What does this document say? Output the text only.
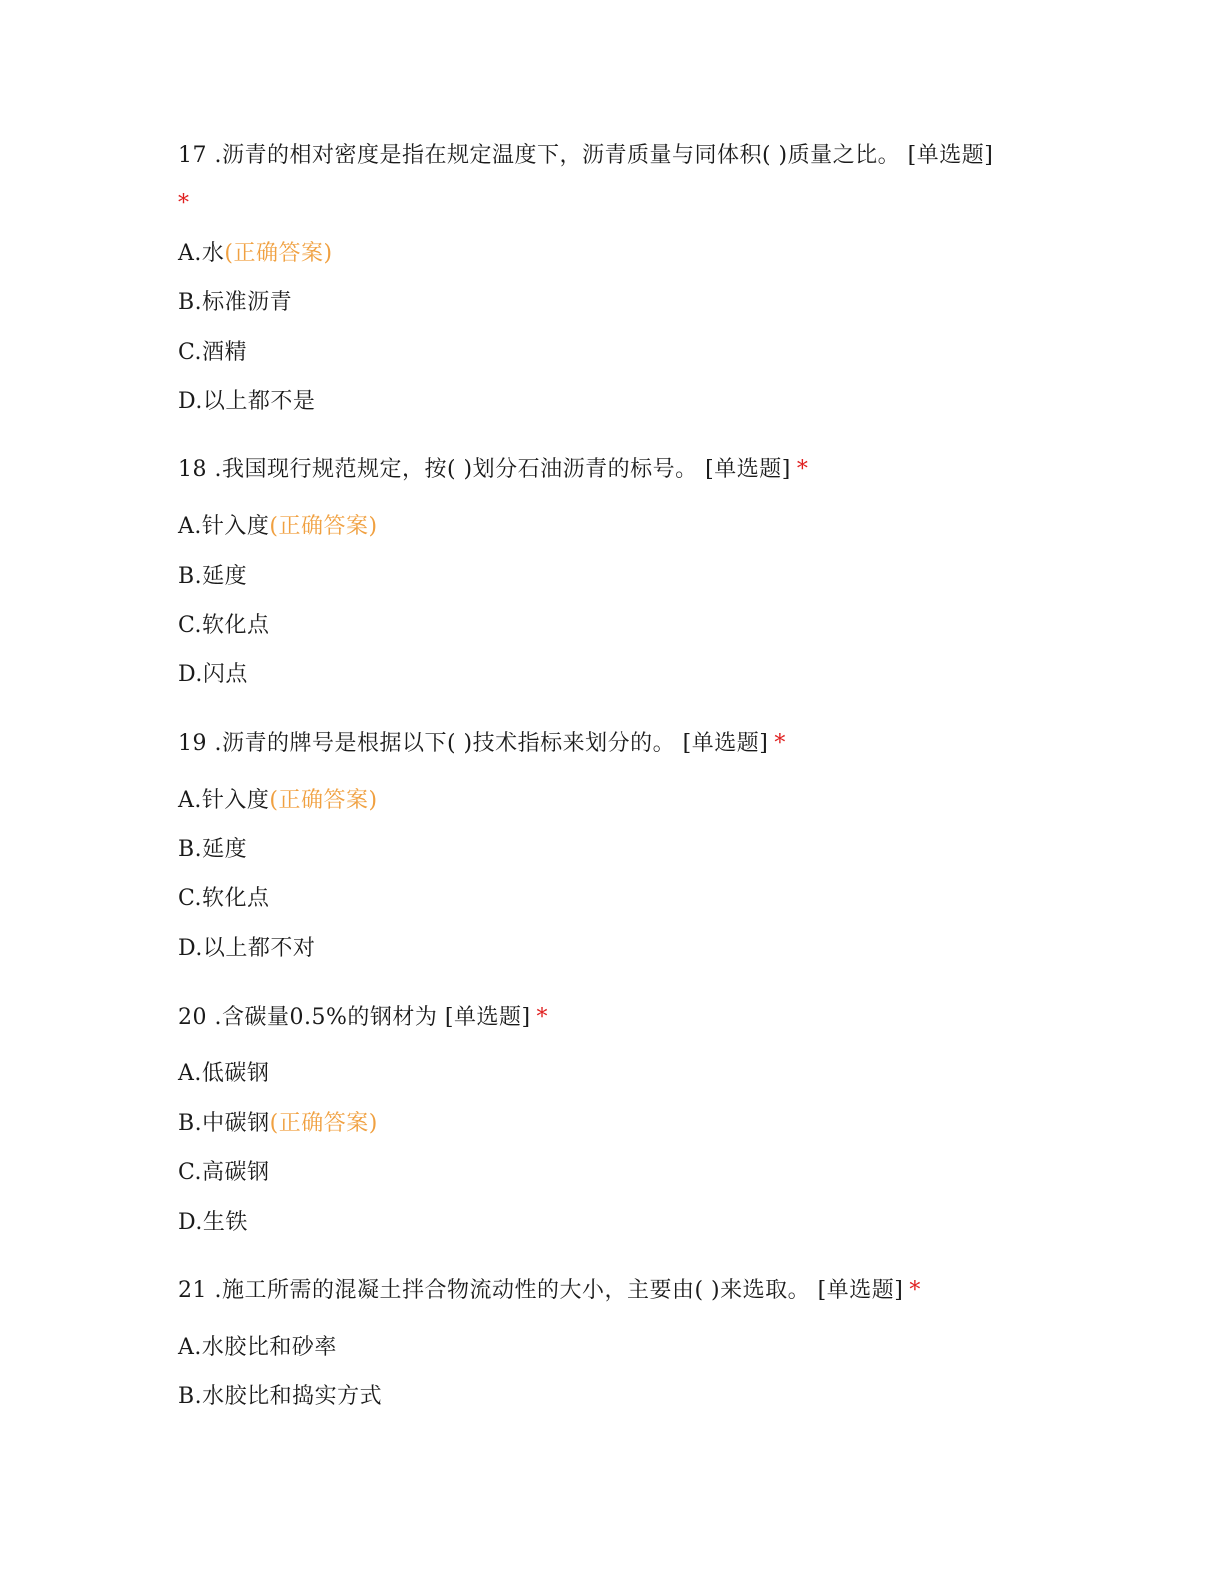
17 .沥青的相对密度是指在规定温度下，沥青质量与同体积( )质量之比。 [单选题]
*
A.水(正确答案)
B.标准沥青
C.酒精
D.以上都不是
18 .我国现行规范规定，按( )划分石油沥青的标号。 [单选题] *
A.针入度(正确答案)
B.延度
C.软化点
D.闪点
19 .沥青的牌号是根据以下( )技术指标来划分的。 [单选题] *
A.针入度(正确答案)
B.延度
C.软化点
D.以上都不对
20 .含碳量0.5%的钢材为 [单选题] *
A.低碳钢
B.中碳钢(正确答案)
C.高碳钢
D.生铁
21 .施工所需的混凝土拌合物流动性的大小，主要由( )来选取。 [单选题] *
A.水胶比和砂率
B.水胶比和捣实方式
